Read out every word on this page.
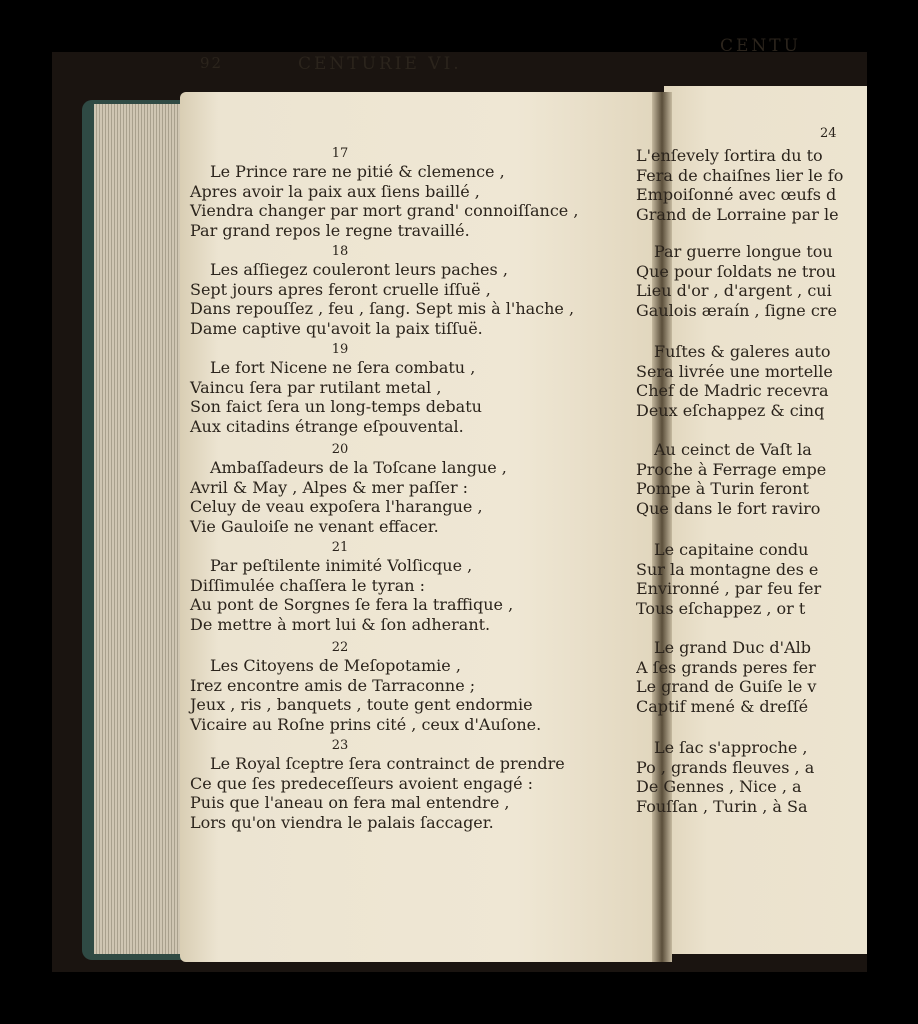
92	CENTURIE VI.
17
Le Prince rare ne pitié & clemence ,
Apres avoir la paix aux ſiens baillé ,
Viendra changer par mort grand' connoiſſance ,
Par grand repos le regne travaillé.
18
Les aſſiegez couleront leurs paches ,
Sept jours apres feront cruelle iſſuë ,
Dans repouſſez , feu , ſang. Sept mis à l'hache ,
Dame captive qu'avoit la paix tiſſuë.
19
Le fort Nicene ne ſera combatu ,
Vaincu ſera par rutilant metal ,
Son faict ſera un long-temps debatu
Aux citadins étrange eſpouvental.
20
Ambaſſadeurs de la Toſcane langue ,
Avril & May , Alpes & mer paſſer :
Celuy de veau expoſera l'harangue ,
Vie Gauloiſe ne venant effacer.
21
Par peſtilente inimité Volſicque ,
Diſſimulée chaſſera le tyran :
Au pont de Sorgnes ſe fera la traffique ,
De mettre à mort lui & ſon adherant.
22
Les Citoyens de Meſopotamie ,
Irez encontre amis de Tarraconne ;
Jeux , ris , banquets , toute gent endormie
Vicaire au Roſne prins cité , ceux d'Auſone.
23
Le Royal ſceptre ſera contrainct de prendre
Ce que ſes predeceſſeurs avoient engagé :
Puis que l'aneau on fera mal entendre ,
Lors qu'on viendra le palais ſaccager.
CENTU
24
L'enſevely ſortira du to
Fera de chaiſnes lier le fo
Empoiſonné avec œufs d
Grand de Lorraine par le
Par guerre longue tou
Que pour ſoldats ne trou
Lieu d'or , d'argent , cui
Gaulois æraín , ſigne cre
Fuſtes & galeres auto
Sera livrée une mortelle
Chef de Madric recevra
Deux eſchappez & cinq
Au ceinct de Vaſt la
Proche à Ferrage empe
Pompe à Turin feront
Que dans le fort raviro
Le capitaine condu
Sur la montagne des e
Environné , par feu fer
Tous eſchappez , or t
Le grand Duc d'Alb
A ſes grands peres fer
Le grand de Guiſe le v
Captif mené & dreſſé
Le ſac s'approche ,
Po , grands fleuves , a
De Gennes , Nice , a
Fouſſan , Turin , à Sa
